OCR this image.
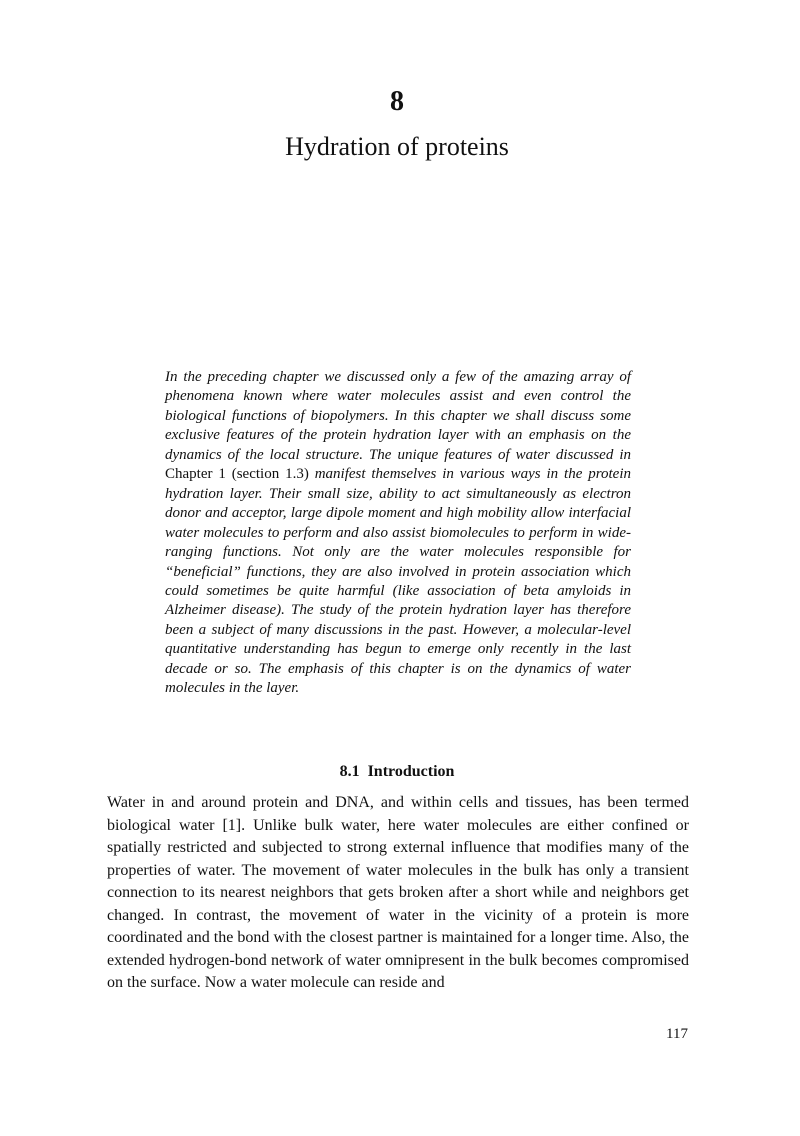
8
Hydration of proteins
In the preceding chapter we discussed only a few of the amazing array of phenomena known where water molecules assist and even control the biological functions of biopolymers. In this chapter we shall discuss some exclusive features of the protein hydration layer with an emphasis on the dynamics of the local structure. The unique features of water discussed in Chapter 1 (section 1.3) manifest themselves in various ways in the protein hydration layer. Their small size, ability to act simultaneously as electron donor and acceptor, large dipole moment and high mobility allow interfacial water molecules to perform and also assist biomolecules to perform in wide-ranging functions. Not only are the water molecules responsible for “beneficial” functions, they are also involved in protein association which could sometimes be quite harmful (like association of beta amyloids in Alzheimer disease). The study of the protein hydration layer has therefore been a subject of many discussions in the past. However, a molecular-level quantitative understanding has begun to emerge only recently in the last decade or so. The emphasis of this chapter is on the dynamics of water molecules in the layer.
8.1 Introduction
Water in and around protein and DNA, and within cells and tissues, has been termed biological water [1]. Unlike bulk water, here water molecules are either confined or spatially restricted and subjected to strong external influence that modifies many of the properties of water. The movement of water molecules in the bulk has only a transient connection to its nearest neighbors that gets broken after a short while and neighbors get changed. In contrast, the movement of water in the vicinity of a protein is more coordinated and the bond with the closest partner is maintained for a longer time. Also, the extended hydrogen-bond network of water omnipresent in the bulk becomes compromised on the surface. Now a water molecule can reside and
117
